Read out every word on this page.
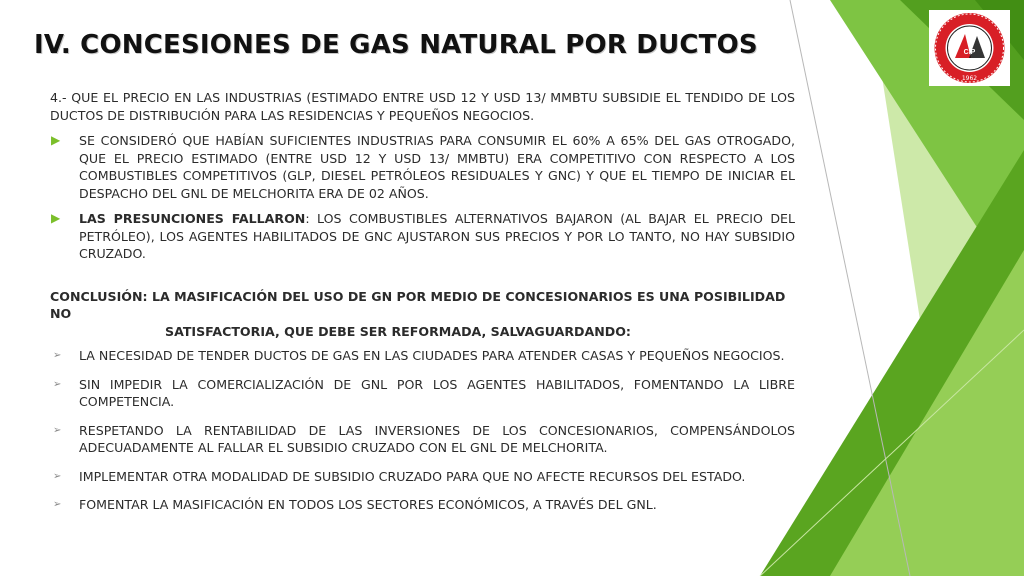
IV. CONCESIONES DE GAS NATURAL POR DUCTOS	CIP
1962

4.- QUE EL PRECIO EN LAS INDUSTRIAS (ESTIMADO ENTRE USD 12 Y USD 13/ MMBTU SUBSIDIE EL TENDIDO DE LOS DUCTOS DE DISTRIBUCIÓN PARA LAS RESIDENCIAS Y PEQUEÑOS NEGOCIOS.

▶ SE CONSIDERÓ QUE HABÍAN SUFICIENTES INDUSTRIAS PARA CONSUMIR EL 60% A 65% DEL GAS OTROGADO, QUE EL PRECIO ESTIMADO (ENTRE USD 12 Y USD 13/ MMBTU) ERA COMPETITIVO CON RESPECTO A LOS COMBUSTIBLES COMPETITIVOS (GLP, DIESEL PETRÓLEOS RESIDUALES Y GNC) Y QUE EL TIEMPO DE INICIAR EL DESPACHO DEL GNL DE MELCHORITA ERA DE 02 AÑOS.
▶ LAS PRESUNCIONES FALLARON: LOS COMBUSTIBLES ALTERNATIVOS BAJARON (AL BAJAR EL PRECIO DEL PETRÓLEO), LOS AGENTES HABILITADOS DE GNC AJUSTARON SUS PRECIOS Y POR LO TANTO, NO HAY SUBSIDIO CRUZADO.
CONCLUSIÓN: LA MASIFICACIÓN DEL USO DE GN POR MEDIO DE CONCESIONARIOS ES UNA POSIBILIDAD NO
SATISFACTORIA, QUE DEBE SER REFORMADA, SALVAGUARDANDO:
➢ LA NECESIDAD DE TENDER DUCTOS DE GAS EN LAS CIUDADES PARA ATENDER CASAS Y PEQUEÑOS NEGOCIOS.
➢ SIN IMPEDIR LA COMERCIALIZACIÓN DE GNL POR LOS AGENTES HABILITADOS, FOMENTANDO LA LIBRE COMPETENCIA.
➢ RESPETANDO LA RENTABILIDAD DE LAS INVERSIONES DE LOS CONCESIONARIOS, COMPENSÁNDOLOS ADECUADAMENTE AL FALLAR EL SUBSIDIO CRUZADO CON EL GNL DE MELCHORITA.
➢ IMPLEMENTAR OTRA MODALIDAD DE SUBSIDIO CRUZADO PARA QUE NO AFECTE RECURSOS DEL ESTADO.
➢ FOMENTAR LA MASIFICACIÓN EN TODOS LOS SECTORES ECONÓMICOS, A TRAVÉS DEL GNL.
